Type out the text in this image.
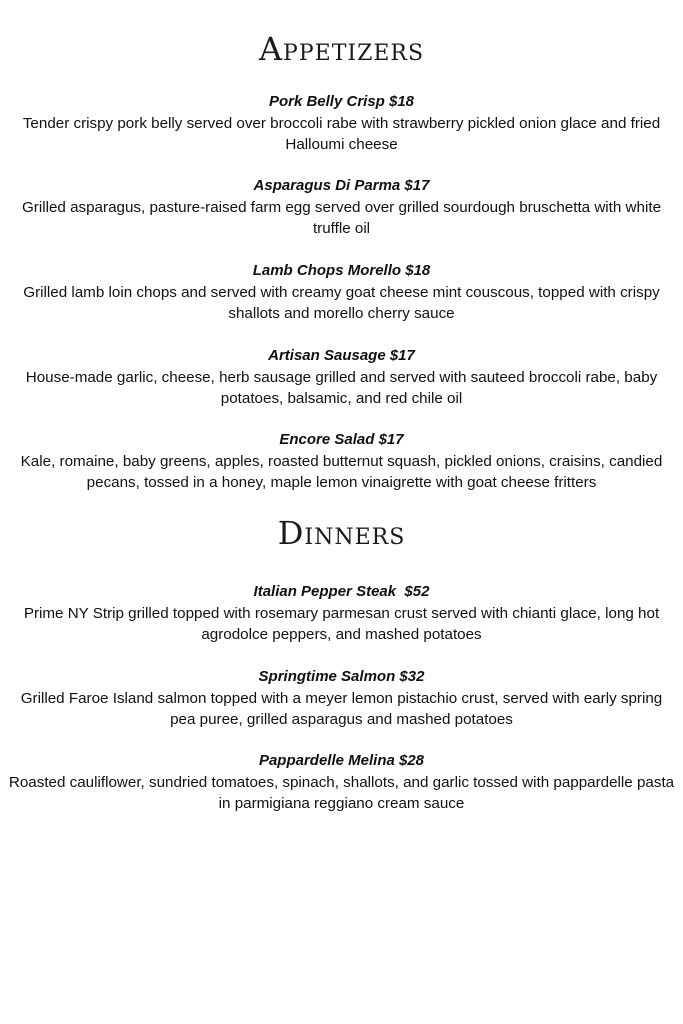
APPETIZERS
Pork Belly Crisp $18
Tender crispy pork belly served over broccoli rabe with strawberry pickled onion glace and fried Halloumi cheese
Asparagus Di Parma $17
Grilled asparagus, pasture-raised farm egg served over grilled sourdough bruschetta with white truffle oil
Lamb Chops Morello $18
Grilled lamb loin chops and served with creamy goat cheese mint couscous, topped with crispy shallots and morello cherry sauce
Artisan Sausage $17
House-made garlic, cheese, herb sausage grilled and served with sauteed broccoli rabe, baby potatoes, balsamic, and red chile oil
Encore Salad $17
Kale, romaine, baby greens, apples, roasted butternut squash, pickled onions, craisins, candied pecans, tossed in a honey, maple lemon vinaigrette with goat cheese fritters
DINNERS
Italian Pepper Steak  $52
Prime NY Strip grilled topped with rosemary parmesan crust served with chianti glace, long hot agrodolce peppers, and mashed potatoes
Springtime Salmon $32
Grilled Faroe Island salmon topped with a meyer lemon pistachio crust, served with early spring pea puree, grilled asparagus and mashed potatoes
Pappardelle Melina $28
Roasted cauliflower, sundried tomatoes, spinach, shallots, and garlic tossed with pappardelle pasta in parmigiana reggiano cream sauce
